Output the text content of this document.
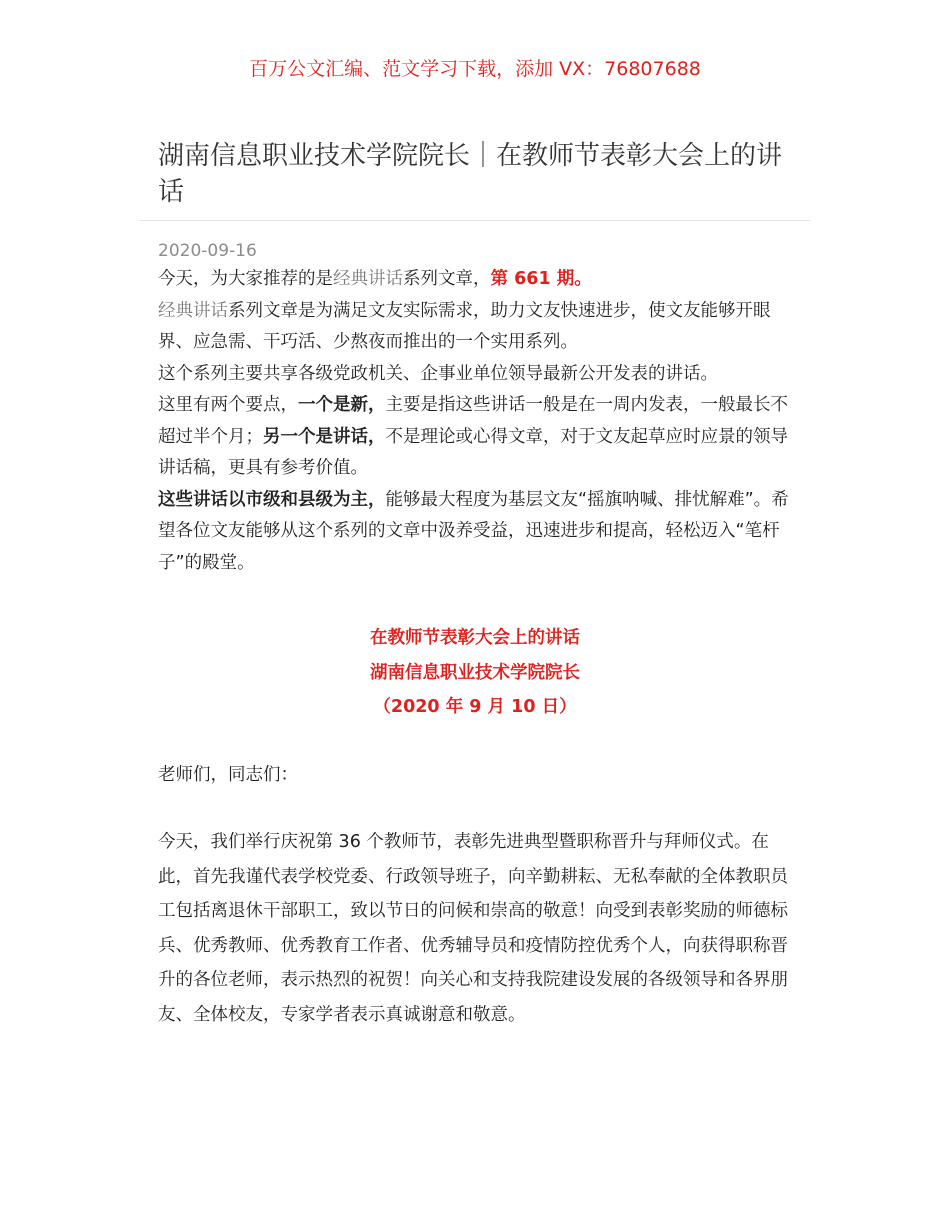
百万公文汇编、范文学习下载，添加 VX：76807688
湖南信息职业技术学院院长｜在教师节表彰大会上的讲话
2020-09-16

今天，为大家推荐的是经典讲话系列文章，第 661 期。

经典讲话系列文章是为满足文友实际需求，助力文友快速进步，使文友能够开眼界、应急需、干巧活、少熬夜而推出的一个实用系列。

这个系列主要共享各级党政机关、企事业单位领导最新公开发表的讲话。

这里有两个要点，一个是新，主要是指这些讲话一般是在一周内发表，一般最长不超过半个月；另一个是讲话，不是理论或心得文章，对于文友起草应时应景的领导讲话稿，更具有参考价值。

这些讲话以市级和县级为主，能够最大程度为基层文友“摇旗呐喊、排忧解难”。希望各位文友能够从这个系列的文章中汲养受益，迅速进步和提高，轻松迈入“笔杆子”的殿堂。

在教师节表彰大会上的讲话
湖南信息职业技术学院院长
（2020 年 9 月 10 日）
老师们，同志们：

今天，我们举行庆祝第 36 个教师节，表彰先进典型暨职称晋升与拜师仪式。在此，首先我谨代表学校党委、行政领导班子，向辛勤耕耘、无私奉献的全体教职员工包括离退休干部职工，致以节日的问候和崇高的敬意！向受到表彰奖励的师德标兵、优秀教师、优秀教育工作者、优秀辅导员和疫情防控优秀个人，向获得职称晋升的各位老师，表示热烈的祝贺！向关心和支持我院建设发展的各级领导和各界朋友、全体校友，专家学者表示真诚谢意和敬意。
